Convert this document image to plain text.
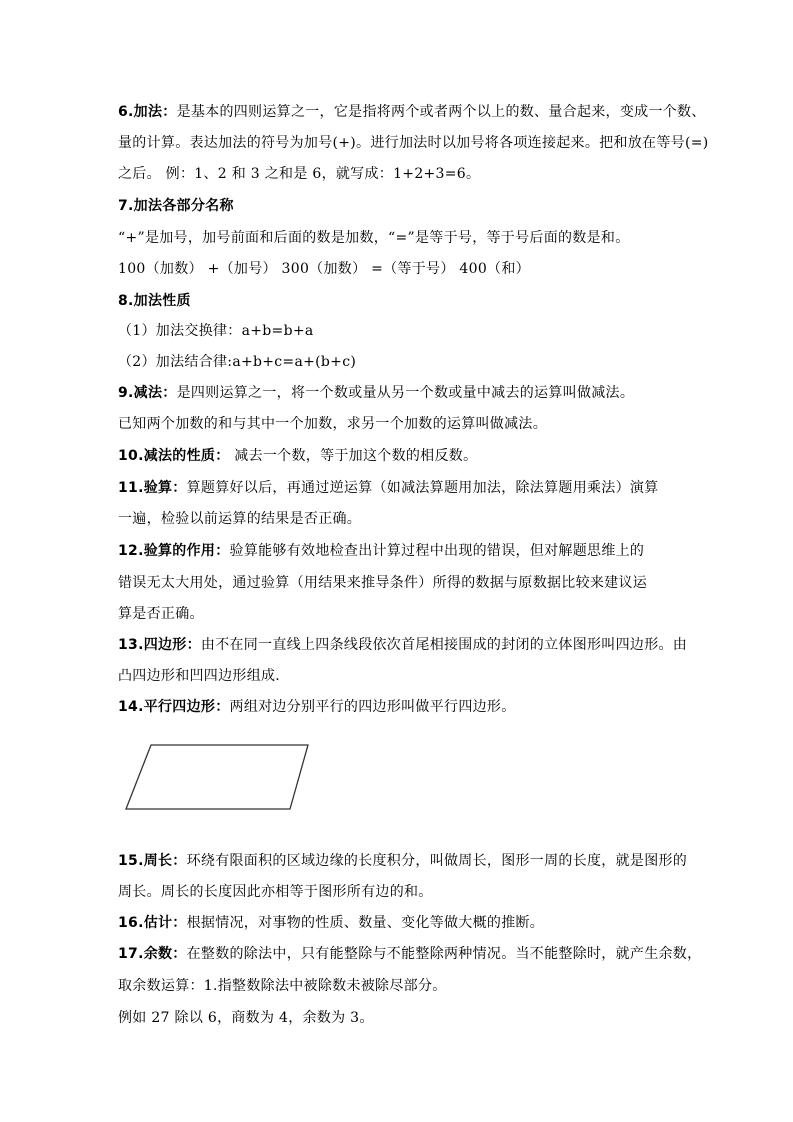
6.加法：是基本的四则运算之一，它是指将两个或者两个以上的数、量合起来，变成一个数、
量的计算。表达加法的符号为加号(+)。进行加法时以加号将各项连接起来。把和放在等号(=)
之后。 例：1、2 和 3 之和是 6，就写成：1+2+3=6。
7.加法各部分名称
“+”是加号，加号前面和后面的数是加数，“=”是等于号，等于号后面的数是和。
100（加数） +（加号） 300（加数） =（等于号） 400（和）
8.加法性质
（1）加法交换律：a+b=b+a
（2）加法结合律:a+b+c=a+(b+c)
9.减法：是四则运算之一，将一个数或量从另一个数或量中减去的运算叫做减法。
已知两个加数的和与其中一个加数，求另一个加数的运算叫做减法。
10.减法的性质： 减去一个数，等于加这个数的相反数。
11.验算：算题算好以后，再通过逆运算（如减法算题用加法，除法算题用乘法）演算
一遍，检验以前运算的结果是否正确。
12.验算的作用：验算能够有效地检查出计算过程中出现的错误，但对解题思维上的
错误无太大用处，通过验算（用结果来推导条件）所得的数据与原数据比较来建议运
算是否正确。
13.四边形：由不在同一直线上四条线段依次首尾相接围成的封闭的立体图形叫四边形。由
凸四边形和凹四边形组成.
14.平行四边形：两组对边分别平行的四边形叫做平行四边形。
15.周长：环绕有限面积的区域边缘的长度积分，叫做周长，图形一周的长度，就是图形的
周长。周长的长度因此亦相等于图形所有边的和。
16.估计：根据情况，对事物的性质、数量、变化等做大概的推断。
17.余数：在整数的除法中，只有能整除与不能整除两种情况。当不能整除时，就产生余数，
取余数运算：1.指整数除法中被除数未被除尽部分。
例如 27 除以 6，商数为 4，余数为 3。
